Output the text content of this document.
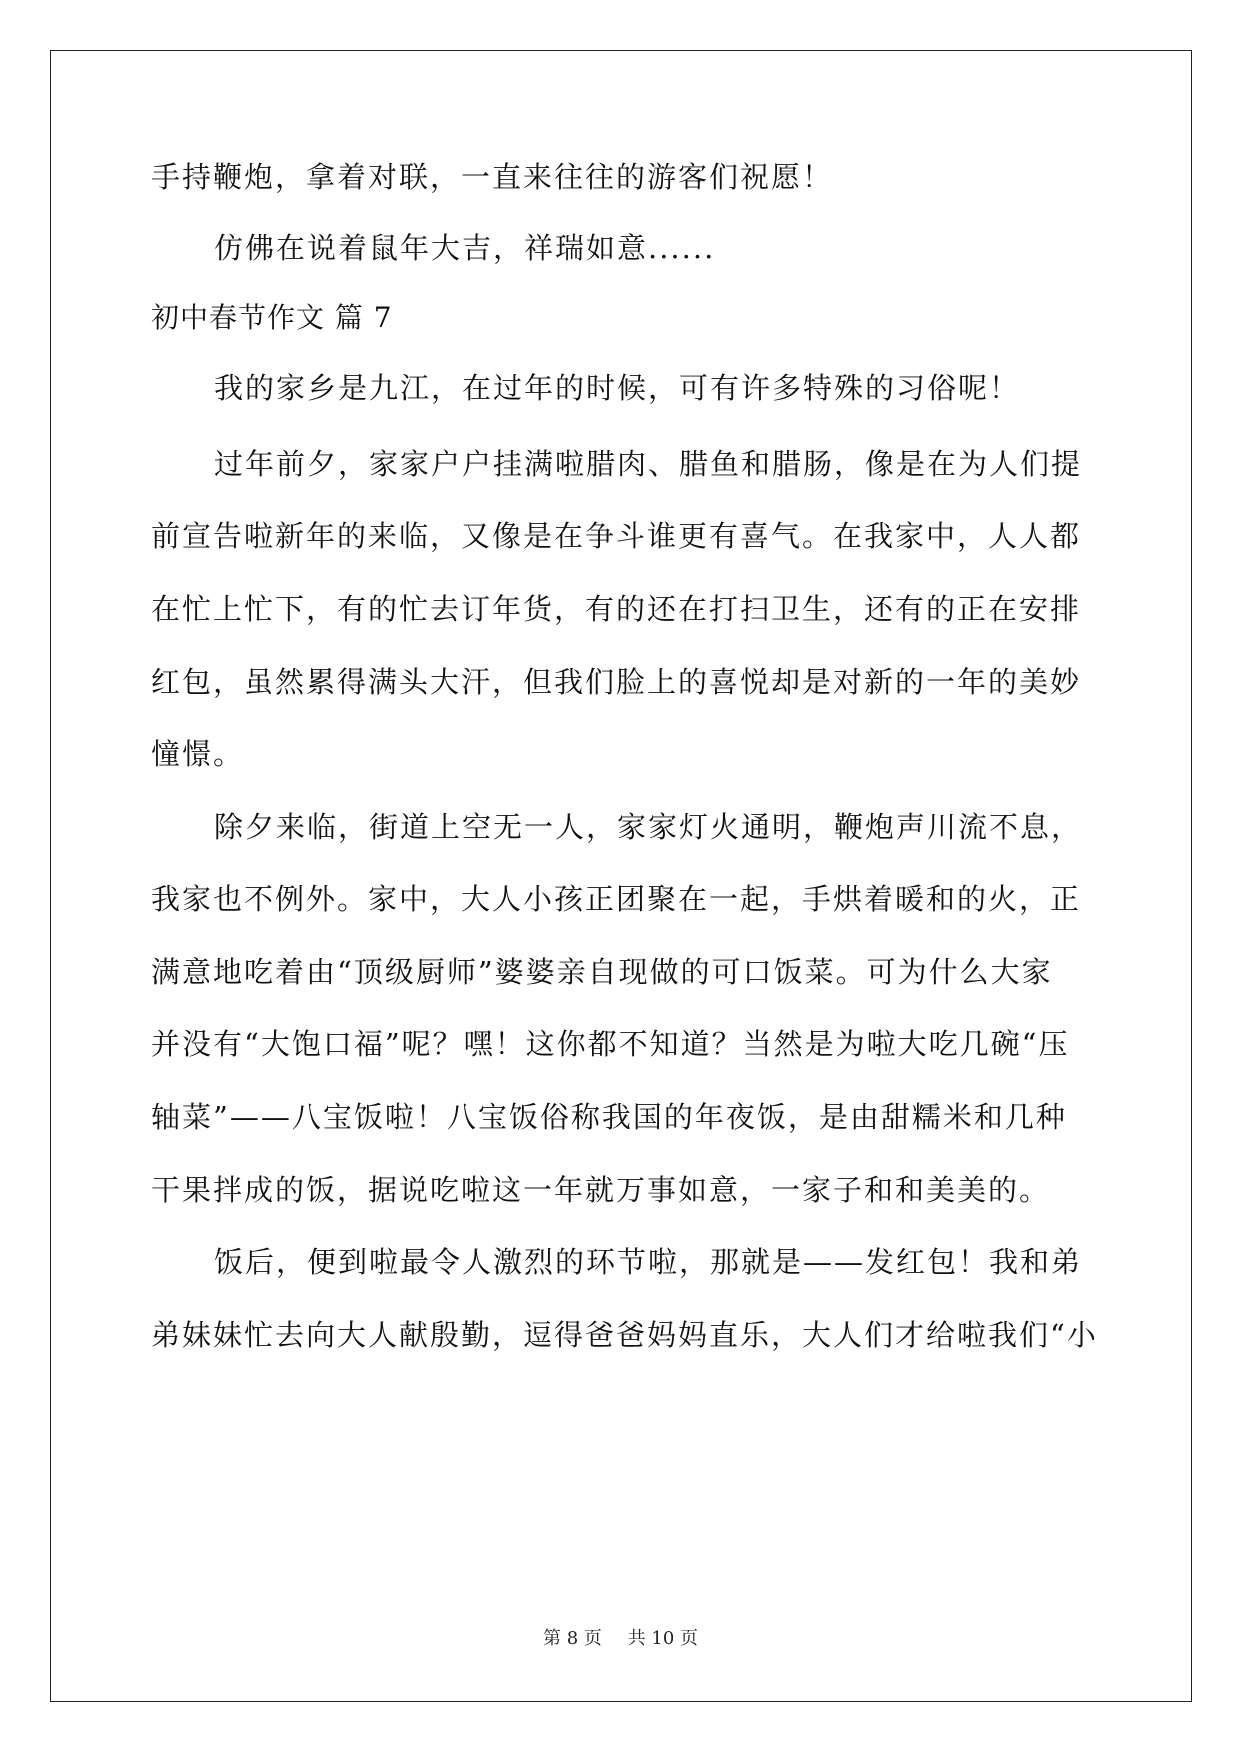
手持鞭炮，拿着对联，一直来往往的游客们祝愿！
仿佛在说着鼠年大吉，祥瑞如意......
初中春节作文 篇 7
我的家乡是九江，在过年的时候，可有许多特殊的习俗呢！
过年前夕，家家户户挂满啦腊肉、腊鱼和腊肠，像是在为人们提
前宣告啦新年的来临，又像是在争斗谁更有喜气。在我家中，人人都
在忙上忙下，有的忙去订年货，有的还在打扫卫生，还有的正在安排
红包，虽然累得满头大汗，但我们脸上的喜悦却是对新的一年的美妙
憧憬。
除夕来临，街道上空无一人，家家灯火通明，鞭炮声川流不息，
我家也不例外。家中，大人小孩正团聚在一起，手烘着暖和的火，正
满意地吃着由“顶级厨师”婆婆亲自现做的可口饭菜。可为什么大家
并没有“大饱口福”呢？嘿！这你都不知道？当然是为啦大吃几碗“压
轴菜”——八宝饭啦！八宝饭俗称我国的年夜饭，是由甜糯米和几种
干果拌成的饭，据说吃啦这一年就万事如意，一家子和和美美的。
饭后，便到啦最令人激烈的环节啦，那就是——发红包！我和弟
弟妹妹忙去向大人献殷勤，逗得爸爸妈妈直乐，大人们才给啦我们“小
第 8 页 共 10 页
